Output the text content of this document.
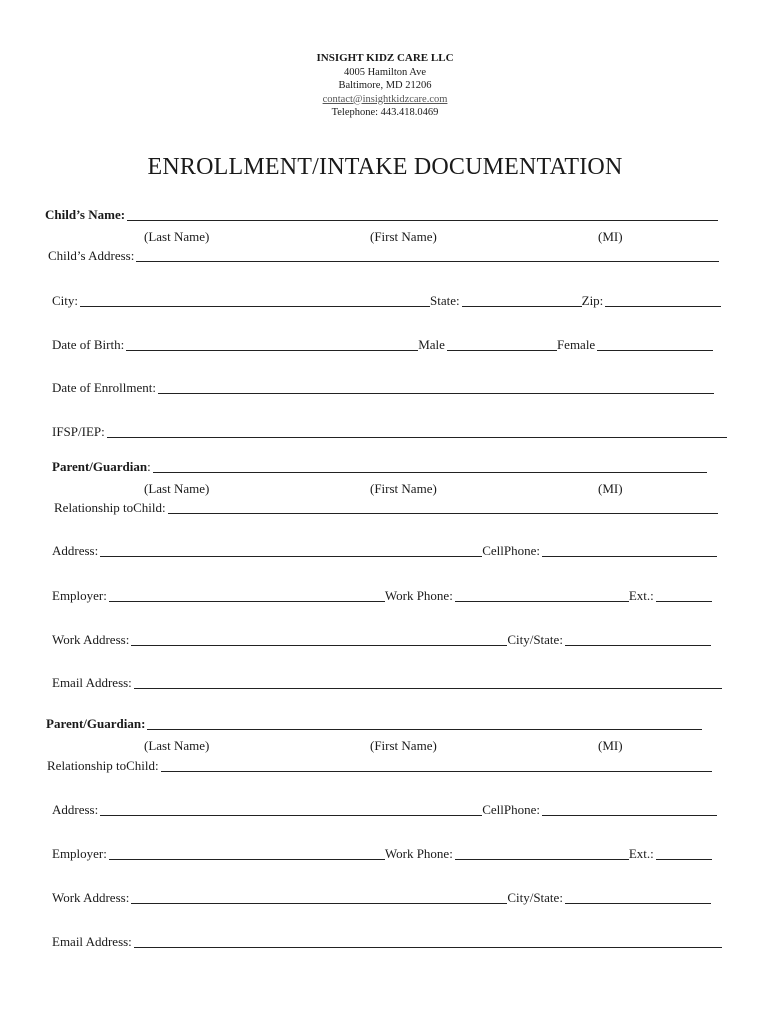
INSIGHT KIDZ CARE LLC
4005 Hamilton Ave
Baltimore, MD 21206
contact@insightkidzcare.com
Telephone: 443.418.0469
ENROLLMENT/INTAKE DOCUMENTATION
Child’s Name:
(Last Name)	(First Name)	(MI)
Child’s Address:
City:	State:	Zip:
Date of Birth:	Male	Female
Date of Enrollment:
IFSP/IEP:
Parent/Guardian :
(Last Name)	(First Name)	(MI)
Relationship toChild:
Address:	CellPhone:
Employer:	Work Phone:	Ext.:
Work Address:	City/State:
Email Address:
Parent/Guardian:
(Last Name)	(First Name)	(MI)
Relationship toChild:
Address:	CellPhone:
Employer:	Work Phone:	Ext.:
Work Address:	City/State:
Email Address:
